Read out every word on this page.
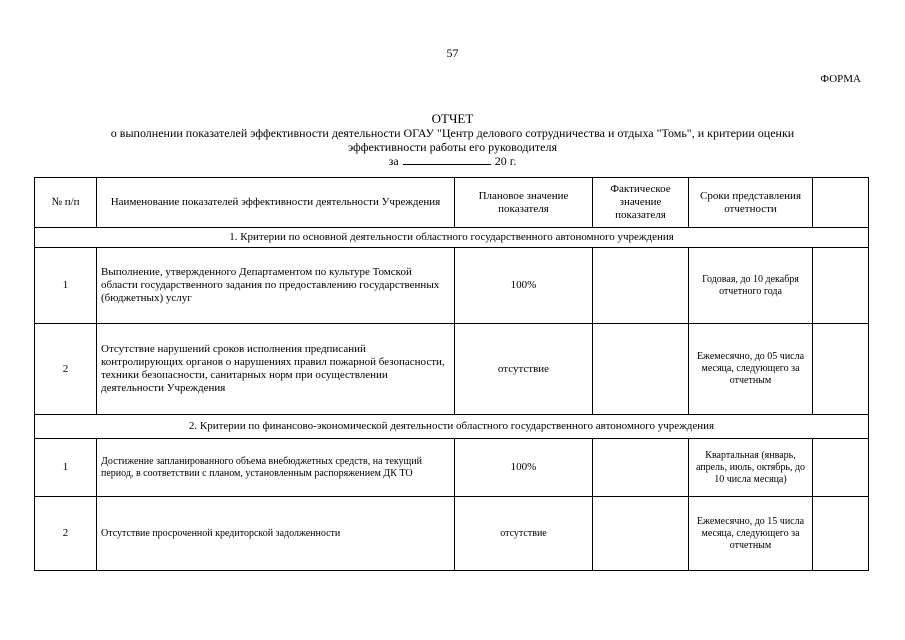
57
ФОРМА
ОТЧЕТ
о выполнении показателей эффективности деятельности ОГАУ "Центр делового сотрудничества и отдыха "Томь", и критерии оценки
эффективности работы его руководителя
за	20 г.
№ п/п	Наименование показателей эффективности деятельности Учреждения	Плановое значение показателя	Фактическое значение показателя	Сроки представления отчетности	
1. Критерии по основной деятельности областного государственного автономного учреждения					
1	Выполнение, утвержденного Департаментом по культуре Томской области государственного задания по предоставлению государственных (бюджетных) услуг	100%		Годовая, до 10 декабря отчетного года	
2	Отсутствие нарушений сроков исполнения предписаний контролирующих органов о нарушениях правил пожарной безопасности, техники безопасности, санитарных норм при осуществлении деятельности Учреждения	отсутствие		Ежемесячно, до 05 числа месяца, следующего за отчетным	
2. Критерии по финансово-экономической деятельности областного государственного автономного учреждения					
1	Достижение запланированного объема внебюджетных средств, на текущий период, в соответствии с планом, установленным распоряжением ДК ТО	100%		Квартальная (январь, апрель, июль, октябрь, до 10 числа месяца)	
2	Отсутствие просроченной кредиторской задолженности	отсутствие		Ежемесячно, до 15 числа месяца, следующего за отчетным	
